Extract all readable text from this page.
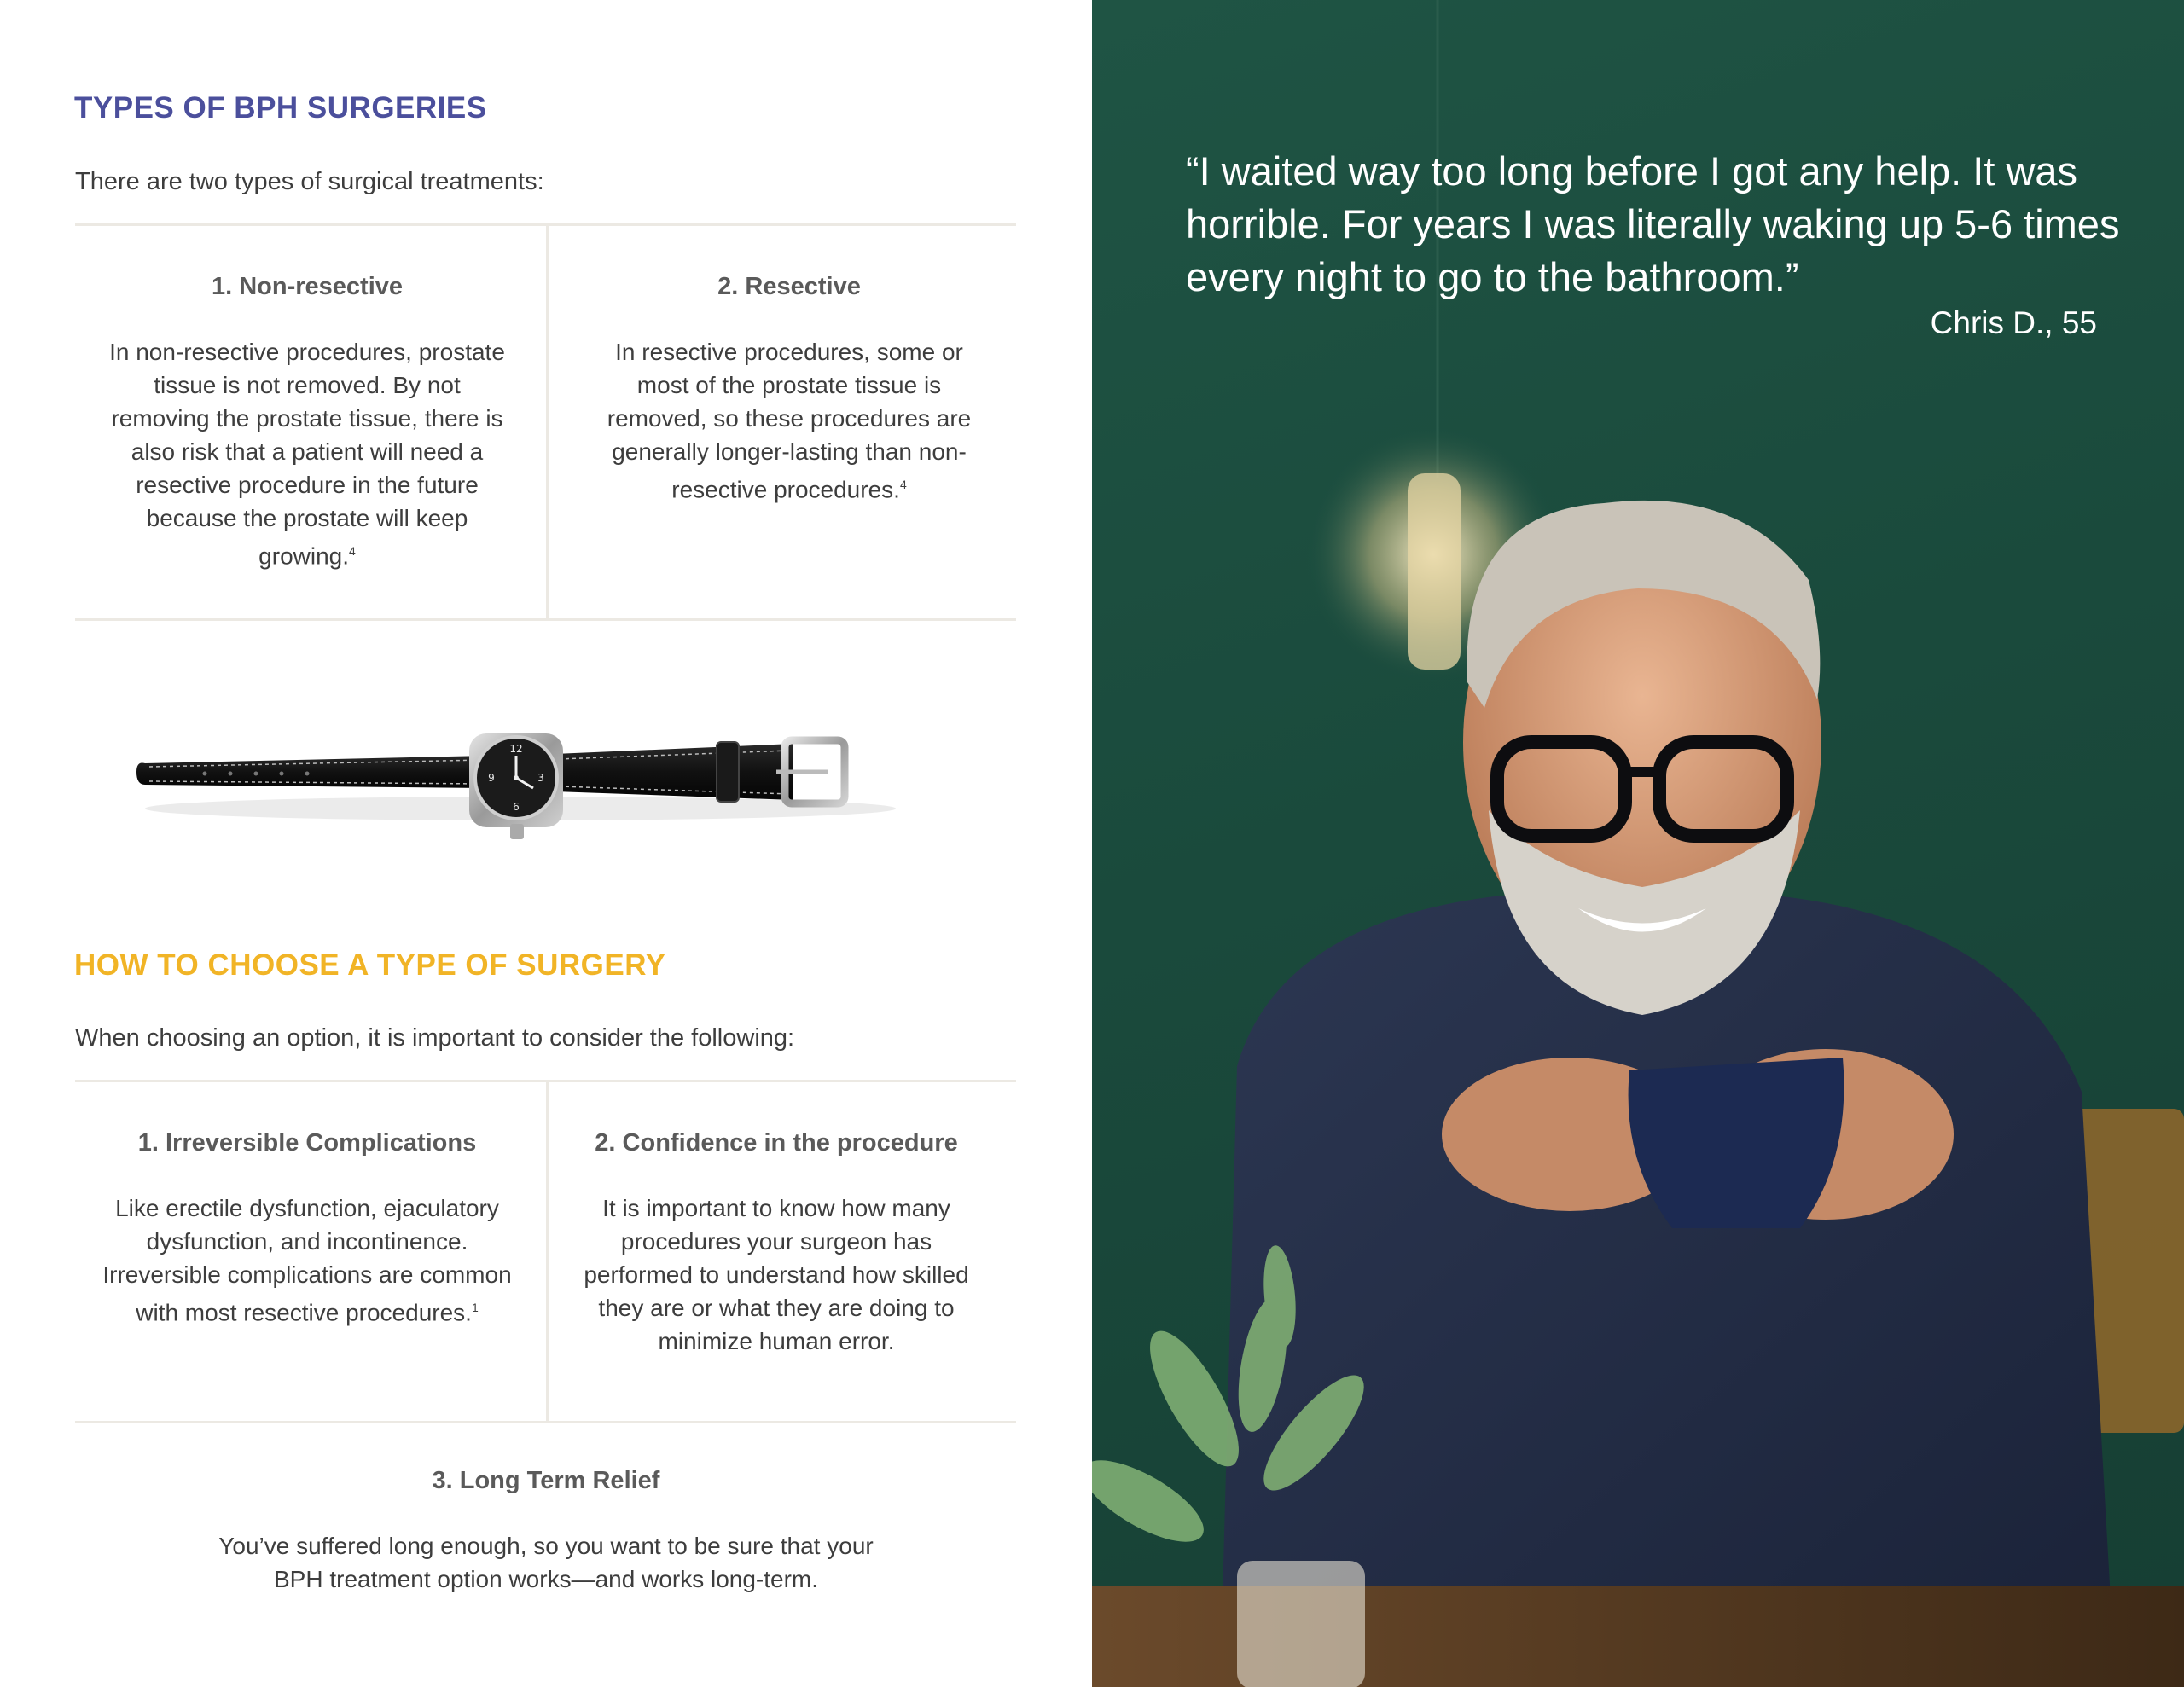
TYPES OF BPH SURGERIES

There are two types of surgical treatments:

1. Non-resective

In non-resective procedures, prostate tissue is not removed. By not removing the prostate tissue, there is also risk that a patient will need a resective procedure in the future because the prostate will keep growing.$^4$

2. Resective

In resective procedures, some or most of the prostate tissue is removed, so these procedures are generally longer-lasting than non-resective procedures.$^4$

12
3
6
9
HOW TO CHOOSE A TYPE OF SURGERY

When choosing an option, it is important to consider the following:

1. Irreversible Complications

Like erectile dysfunction, ejaculatory dysfunction, and incontinence. Irreversible complications are common with most resective procedures.$^1$

2. Confidence in the procedure

It is important to know how many procedures your surgeon has performed to understand how skilled they are or what they are doing to minimize human error.

3. Long Term Relief

You’ve suffered long enough, so you want to be sure that your BPH treatment option works—and works long-term.

“I waited way too long before I got any help. It was horrible. For years I was literally waking up 5-6 times every night to go to the bathroom.”

Chris D., 55
